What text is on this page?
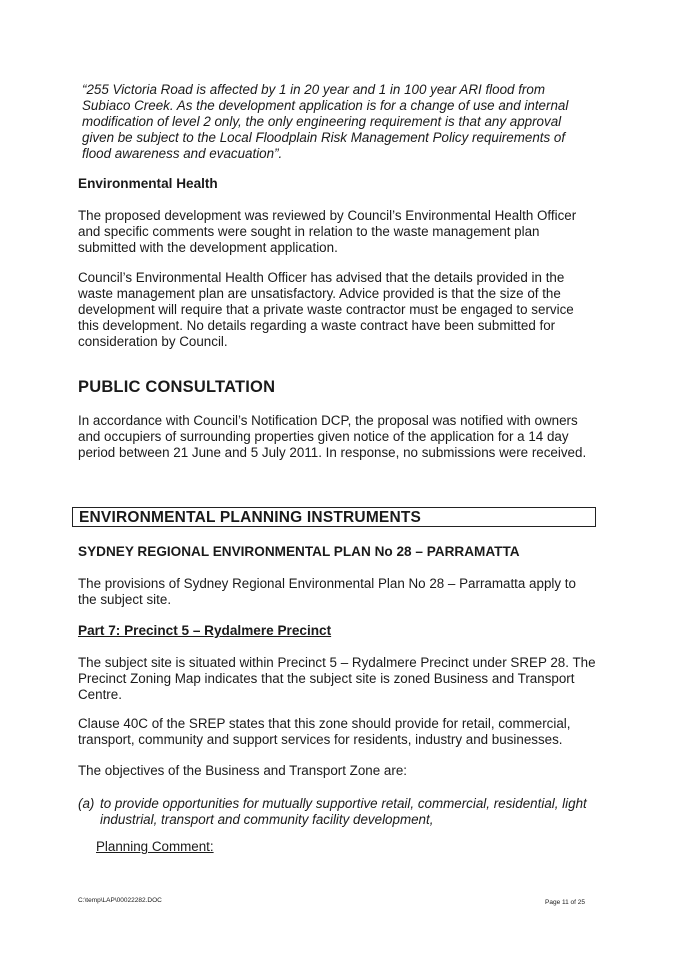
“255 Victoria Road is affected by 1 in 20 year and 1 in 100 year ARI flood from Subiaco Creek. As the development application is for a change of use and internal modification of level 2 only, the only engineering requirement is that any approval given be subject to the Local Floodplain Risk Management Policy requirements of flood awareness and evacuation”.

Environmental Health

The proposed development was reviewed by Council’s Environmental Health Officer and specific comments were sought in relation to the waste management plan submitted with the development application.

Council’s Environmental Health Officer has advised that the details provided in the waste management plan are unsatisfactory. Advice provided is that the size of the development will require that a private waste contractor must be engaged to service this development. No details regarding a waste contract have been submitted for consideration by Council.

PUBLIC CONSULTATION

In accordance with Council’s Notification DCP, the proposal was notified with owners and occupiers of surrounding properties given notice of the application for a 14 day period between 21 June and 5 July 2011. In response, no submissions were received.

ENVIRONMENTAL PLANNING INSTRUMENTS

SYDNEY REGIONAL ENVIRONMENTAL PLAN No 28 – PARRAMATTA

The provisions of Sydney Regional Environmental Plan No 28 – Parramatta apply to the subject site.

Part 7: Precinct 5 – Rydalmere Precinct

The subject site is situated within Precinct 5 – Rydalmere Precinct under SREP 28. The Precinct Zoning Map indicates that the subject site is zoned Business and Transport Centre.

Clause 40C of the SREP states that this zone should provide for retail, commercial, transport, community and support services for residents, industry and businesses.

The objectives of the Business and Transport Zone are:

(a) to provide opportunities for mutually supportive retail, commercial, residential, light industrial, transport and community facility development,
Planning Comment:
C:\temp\LAP\00022282.DOC	Page 11 of 25
